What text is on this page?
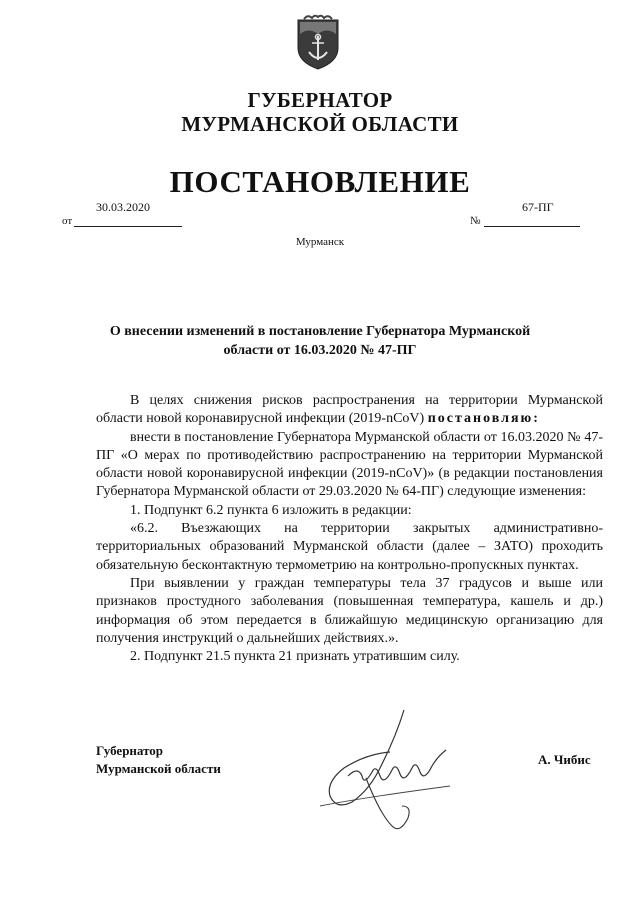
ГУБЕРНАТОР
МУРМАНСКОЙ ОБЛАСТИ
ПОСТАНОВЛЕНИЕ
от
30.03.2020
№
67-ПГ
Мурманск
О внесении изменений в постановление Губернатора Мурманской
области от 16.03.2020 № 47-ПГ

В целях снижения рисков распространения на территории Мурманской области новой коронавирусной инфекции (2019-nCoV) постановляю:

внести в постановление Губернатора Мурманской области от 16.03.2020 № 47-ПГ «О мерах по противодействию распространению на территории Мурманской области новой коронавирусной инфекции (2019-nCoV)» (в редакции постановления Губернатора Мурманской области от 29.03.2020 № 64-ПГ) следующие изменения:

1. Подпункт 6.2 пункта 6 изложить в редакции:

«6.2. Въезжающих на территории закрытых административно-территориальных образований Мурманской области (далее – ЗАТО) проходить обязательную бесконтактную термометрию на контрольно-пропускных пунктах.

При выявлении у граждан температуры тела 37 градусов и выше или признаков простудного заболевания (повышенная температура, кашель и др.) информация об этом передается в ближайшую медицинскую организацию для получения инструкций о дальнейших действиях.».

2. Подпункт 21.5 пункта 21 признать утратившим силу.

Губернатор
Мурманской области
А. Чибис
